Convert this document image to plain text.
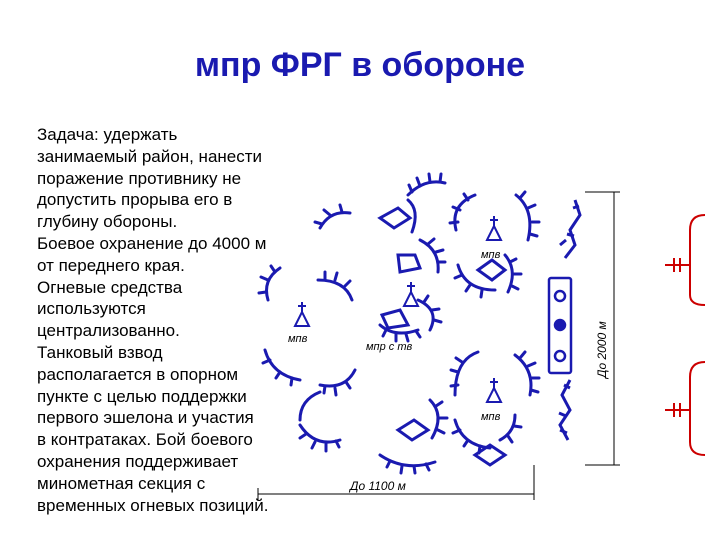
мпр ФРГ в обороне
Задача: удержать
занимаемый район, нанести
поражение противнику не
допустить прорыва его в
глубину обороны.
Боевое охранение до 4000 м
от переднего края.
Огневые средства
используются
централизованно.
Танковый взвод
располагается в опорном
пункте с целью поддержки
первого эшелона и участия
в контратаках. Бой боевого
охранения поддерживает
минометная секция с
временных огневых позиций.
мпв
мпв
мпр с тв
мпв
До 1100 м
До 2000 м
